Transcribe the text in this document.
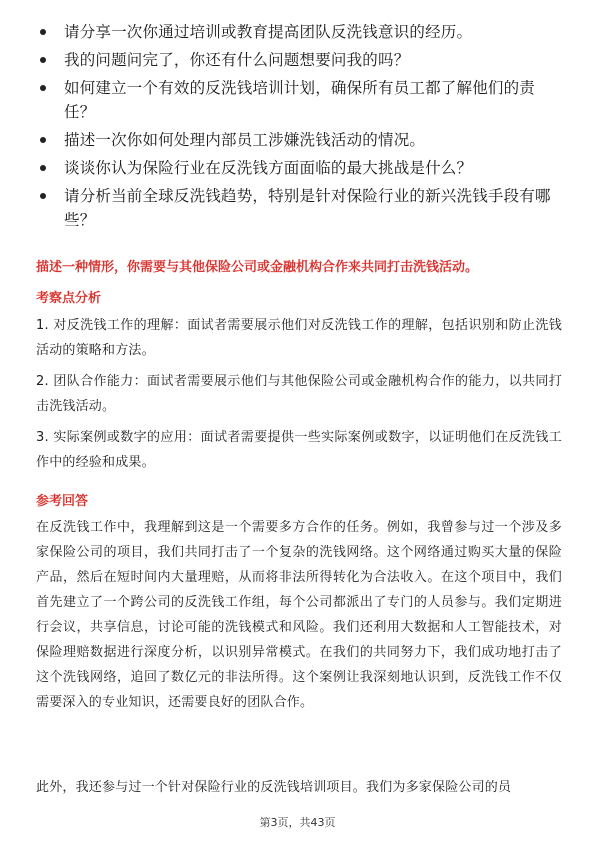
请分享一次你通过培训或教育提高团队反洗钱意识的经历。
我的问题问完了，你还有什么问题想要问我的吗？
如何建立一个有效的反洗钱培训计划，确保所有员工都了解他们的责任？
描述一次你如何处理内部员工涉嫌洗钱活动的情况。
谈谈你认为保险行业在反洗钱方面面临的最大挑战是什么？
请分析当前全球反洗钱趋势，特别是针对保险行业的新兴洗钱手段有哪些？
描述一种情形，你需要与其他保险公司或金融机构合作来共同打击洗钱活动。
考察点分析
1. 对反洗钱工作的理解：面试者需要展示他们对反洗钱工作的理解，包括识别和防止洗钱活动的策略和方法。
2. 团队合作能力：面试者需要展示他们与其他保险公司或金融机构合作的能力，以共同打击洗钱活动。
3. 实际案例或数字的应用：面试者需要提供一些实际案例或数字，以证明他们在反洗钱工作中的经验和成果。
参考回答
在反洗钱工作中，我理解到这是一个需要多方合作的任务。例如，我曾参与过一个涉及多家保险公司的项目，我们共同打击了一个复杂的洗钱网络。这个网络通过购买大量的保险产品，然后在短时间内大量理赔，从而将非法所得转化为合法收入。在这个项目中，我们首先建立了一个跨公司的反洗钱工作组，每个公司都派出了专门的人员参与。我们定期进行会议，共享信息，讨论可能的洗钱模式和风险。我们还利用大数据和人工智能技术，对保险理赔数据进行深度分析，以识别异常模式。在我们的共同努力下，我们成功地打击了这个洗钱网络，追回了数亿元的非法所得。这个案例让我深刻地认识到，反洗钱工作不仅需要深入的专业知识，还需要良好的团队合作。
此外，我还参与过一个针对保险行业的反洗钱培训项目。我们为多家保险公司的员
第3页，共43页
